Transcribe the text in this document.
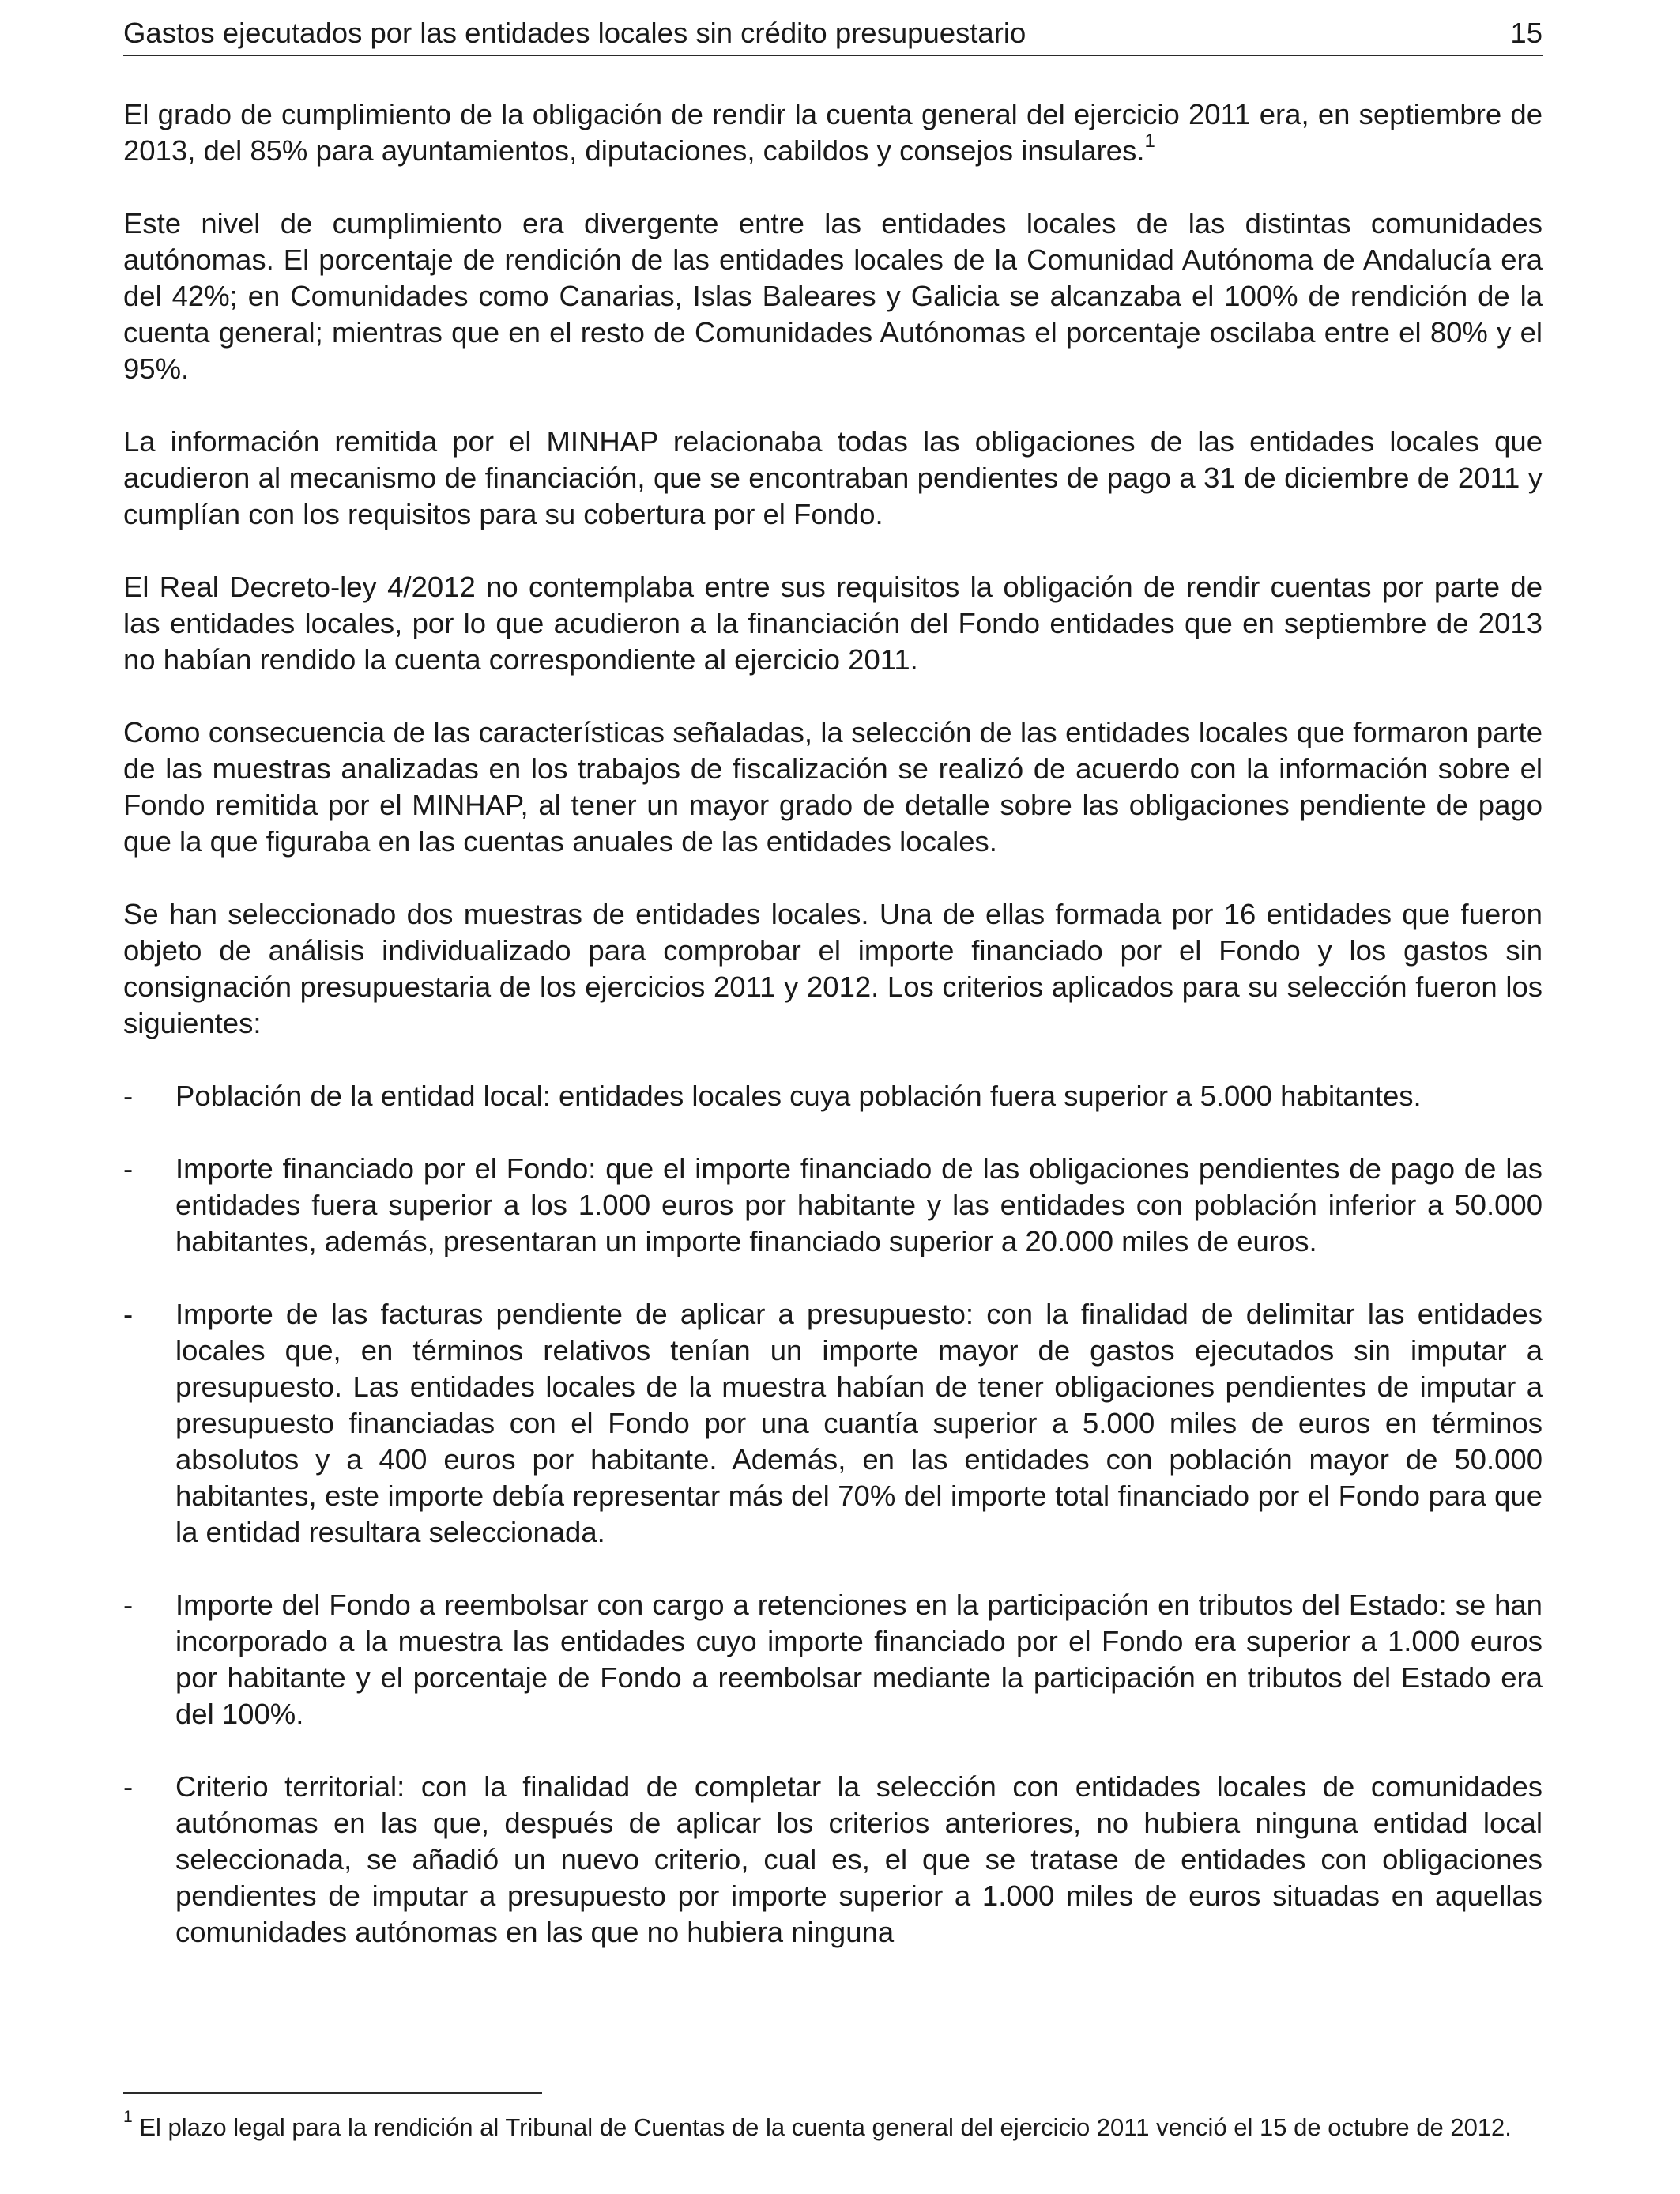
Gastos ejecutados por las entidades locales sin crédito presupuestario	15

El grado de cumplimiento de la obligación de rendir la cuenta general del ejercicio 2011 era, en septiembre de 2013, del 85% para ayuntamientos, diputaciones, cabildos y consejos insulares.$^1$

Este nivel de cumplimiento era divergente entre las entidades locales de las distintas comunidades autónomas. El porcentaje de rendición de las entidades locales de la Comunidad Autónoma de Andalucía era del 42%; en Comunidades como Canarias, Islas Baleares y Galicia se alcanzaba el 100% de rendición de la cuenta general; mientras que en el resto de Comunidades Autónomas el porcentaje oscilaba entre el 80% y el 95%.

La información remitida por el MINHAP relacionaba todas las obligaciones de las entidades locales que acudieron al mecanismo de financiación, que se encontraban pendientes de pago a 31 de diciembre de 2011 y cumplían con los requisitos para su cobertura por el Fondo.

El Real Decreto-ley 4/2012 no contemplaba entre sus requisitos la obligación de rendir cuentas por parte de las entidades locales, por lo que acudieron a la financiación del Fondo entidades que en septiembre de 2013 no habían rendido la cuenta correspondiente al ejercicio 2011.

Como consecuencia de las características señaladas, la selección de las entidades locales que formaron parte de las muestras analizadas en los trabajos de fiscalización se realizó de acuerdo con la información sobre el Fondo remitida por el MINHAP, al tener un mayor grado de detalle sobre las obligaciones pendiente de pago que la que figuraba en las cuentas anuales de las entidades locales.

Se han seleccionado dos muestras de entidades locales. Una de ellas formada por 16 entidades que fueron objeto de análisis individualizado para comprobar el importe financiado por el Fondo y los gastos sin consignación presupuestaria de los ejercicios 2011 y 2012. Los criterios aplicados para su selección fueron los siguientes:

- Población de la entidad local: entidades locales cuya población fuera superior a 5.000 habitantes.
- Importe financiado por el Fondo: que el importe financiado de las obligaciones pendientes de pago de las entidades fuera superior a los 1.000 euros por habitante y las entidades con población inferior a 50.000 habitantes, además, presentaran un importe financiado superior a 20.000 miles de euros.
- Importe de las facturas pendiente de aplicar a presupuesto: con la finalidad de delimitar las entidades locales que, en términos relativos tenían un importe mayor de gastos ejecutados sin imputar a presupuesto. Las entidades locales de la muestra habían de tener obligaciones pendientes de imputar a presupuesto financiadas con el Fondo por una cuantía superior a 5.000 miles de euros en términos absolutos y a 400 euros por habitante. Además, en las entidades con población mayor de 50.000 habitantes, este importe debía representar más del 70% del importe total financiado por el Fondo para que la entidad resultara seleccionada.
- Importe del Fondo a reembolsar con cargo a retenciones en la participación en tributos del Estado: se han incorporado a la muestra las entidades cuyo importe financiado por el Fondo era superior a 1.000 euros por habitante y el porcentaje de Fondo a reembolsar mediante la participación en tributos del Estado era del 100%.
- Criterio territorial: con la finalidad de completar la selección con entidades locales de comunidades autónomas en las que, después de aplicar los criterios anteriores, no hubiera ninguna entidad local seleccionada, se añadió un nuevo criterio, cual es, el que se tratase de entidades con obligaciones pendientes de imputar a presupuesto por importe superior a 1.000 miles de euros situadas en aquellas comunidades autónomas en las que no hubiera ninguna
$^1$ El plazo legal para la rendición al Tribunal de Cuentas de la cuenta general del ejercicio 2011 venció el 15 de octubre de 2012.
